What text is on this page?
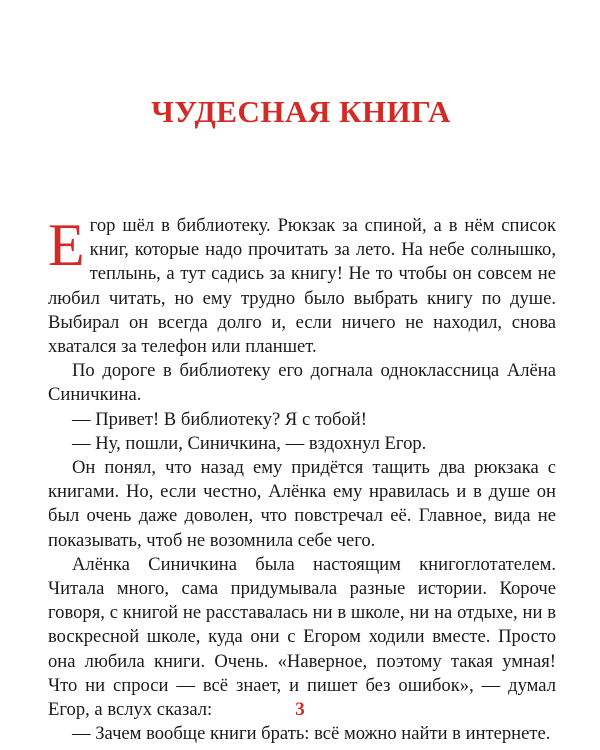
ЧУДЕСНАЯ КНИГА

Егор шёл в библиотеку. Рюкзак за спиной, а в нём список книг, которые надо прочитать за лето. На небе солнышко, теплынь, а тут садись за книгу! Не то чтобы он совсем не любил читать, но ему трудно было выбрать книгу по душе. Выбирал он всегда долго и, если ничего не находил, снова хватался за телефон или планшет.

По дороге в библиотеку его догнала одноклассница Алёна Синичкина.

— Привет! В библиотеку? Я с тобой!

— Ну, пошли, Синичкина, — вздохнул Егор.

Он понял, что назад ему придётся тащить два рюкзака с книгами. Но, если честно, Алёнка ему нравилась и в душе он был очень даже доволен, что повстречал её. Главное, вида не показывать, чтоб не возомнила себе чего.

Алёнка Синичкина была настоящим книгоглотателем. Читала много, сама придумывала разные истории. Короче говоря, с книгой не расставалась ни в школе, ни на отдыхе, ни в воскресной школе, куда они с Егором ходили вместе. Просто она любила книги. Очень. «Наверное, поэтому такая умная! Что ни спроси — всё знает, и пишет без ошибок», — думал Егор, а вслух сказал:

— Зачем вообще книги брать: всё можно найти в интернете.

3
